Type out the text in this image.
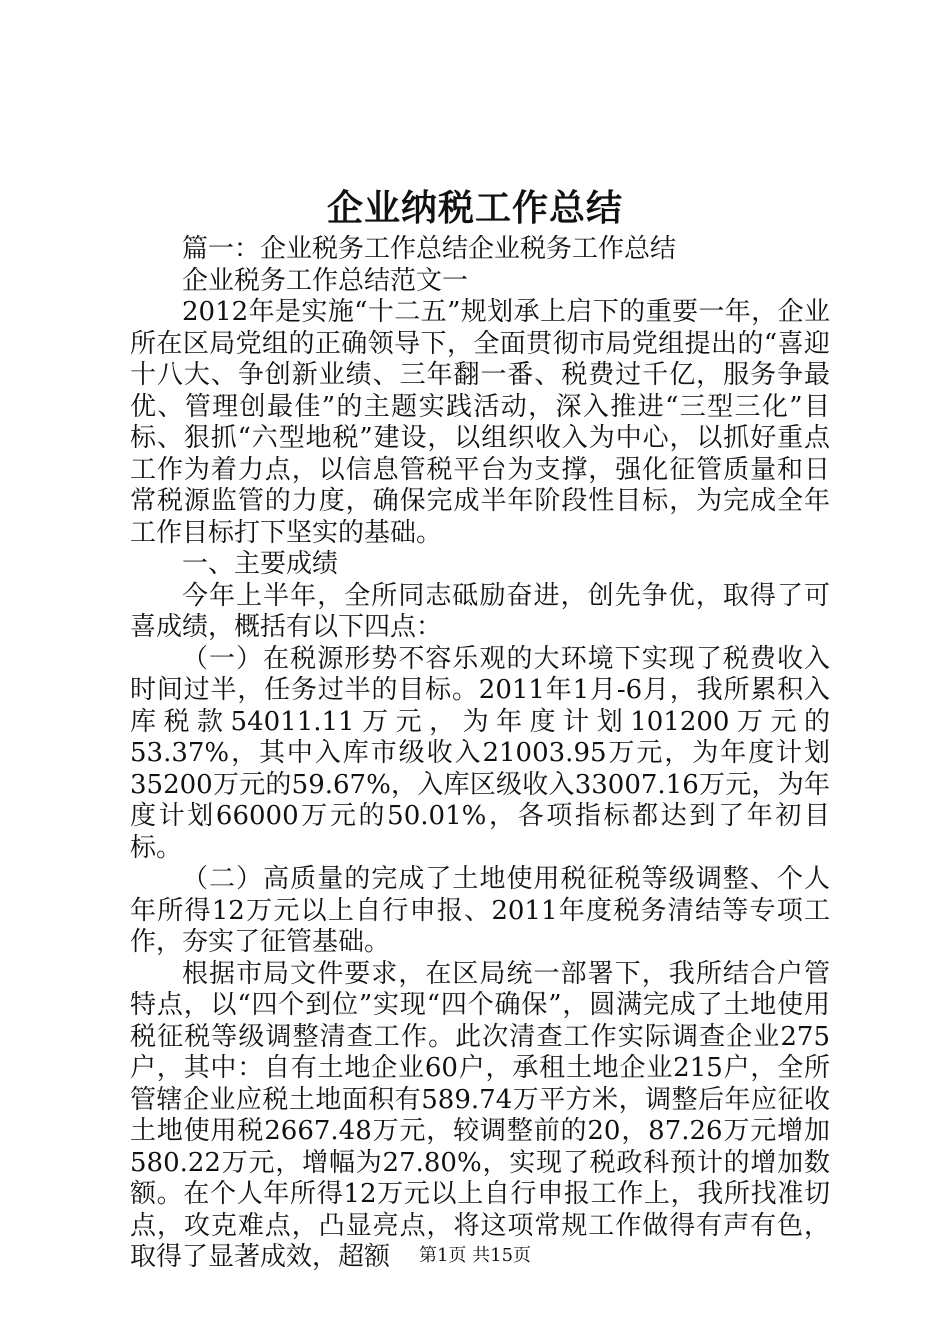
企业纳税工作总结

篇一：企业税务工作总结企业税务工作总结

企业税务工作总结范文一

2012年是实施“十二五”规划承上启下的重要一年，企业所在区局党组的正确领导下，全面贯彻市局党组提出的“喜迎十八大、争创新业绩、三年翻一番、税费过千亿，服务争最优、管理创最佳”的主题实践活动，深入推进“三型三化”目标、狠抓“六型地税”建设，以组织收入为中心，以抓好重点工作为着力点，以信息管税平台为支撑，强化征管质量和日常税源监管的力度，确保完成半年阶段性目标，为完成全年工作目标打下坚实的基础。

一、主要成绩

今年上半年，全所同志砥励奋进，创先争优，取得了可喜成绩，概括有以下四点：

（一）在税源形势不容乐观的大环境下实现了税费收入时间过半，任务过半的目标。2011年1月-6月，我所累积入库税款54011.11万元，为年度计划101200万元的53.37%，其中入库市级收入21003.95万元，为年度计划35200万元的59.67%，入库区级收入33007.16万元，为年度计划66000万元的50.01%，各项指标都达到了年初目标。

（二）高质量的完成了土地使用税征税等级调整、个人年所得12万元以上自行申报、2011年度税务清结等专项工作，夯实了征管基础。

根据市局文件要求，在区局统一部署下，我所结合户管特点，以“四个到位”实现“四个确保”，圆满完成了土地使用税征税等级调整清查工作。此次清查工作实际调查企业275户，其中：自有土地企业60户，承租土地企业215户，全所管辖企业应税土地面积有589.74万平方米，调整后年应征收土地使用税2667.48万元，较调整前的20，87.26万元增加580.22万元，增幅为27.80%，实现了税政科预计的增加数额。在个人年所得12万元以上自行申报工作上，我所找准切点，攻克难点，凸显亮点，将这项常规工作做得有声有色，取得了显著成效，超额	第1页 共15页
